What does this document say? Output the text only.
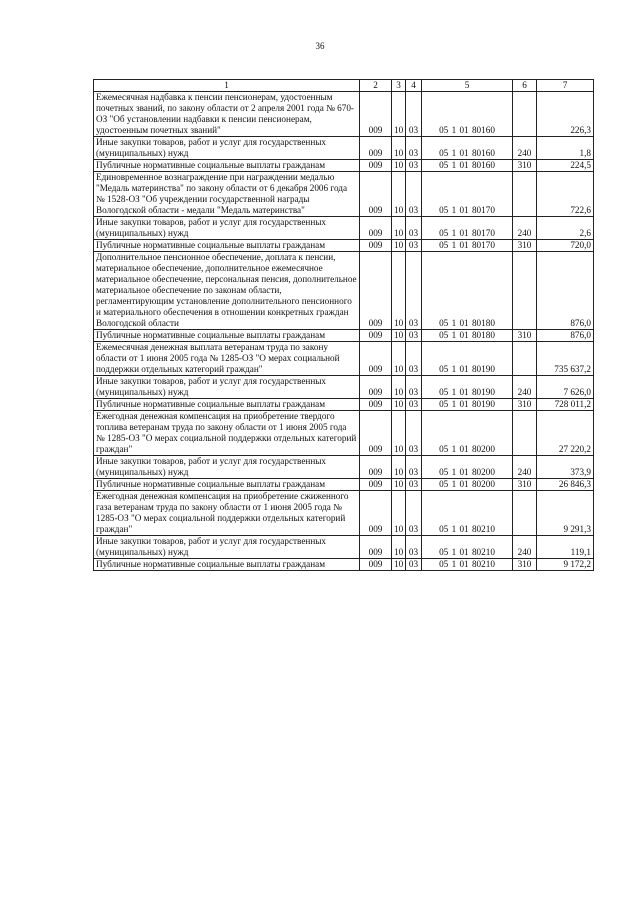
36
1	2	3	4	5	6	7
Ежемесячная надбавка к пенсии пенсионерам, удостоенным почетных званий, по закону области от 2 апреля 2001 года № 670-ОЗ "Об установлении надбавки к пенсии пенсионерам, удостоенным почетных званий"	009	10	03	05 1 01 80160		226,3
Иные закупки товаров, работ и услуг для государственных (муниципальных) нужд	009	10	03	05 1 01 80160	240	1,8
Публичные нормативные социальные выплаты гражданам	009	10	03	05 1 01 80160	310	224,5
Единовременное вознаграждение при награждении медалью "Медаль материнства" по закону области от 6 декабря 2006 года № 1528-ОЗ "Об учреждении государственной награды Вологодской области - медали "Медаль материнства"	009	10	03	05 1 01 80170		722,6
Иные закупки товаров, работ и услуг для государственных (муниципальных) нужд	009	10	03	05 1 01 80170	240	2,6
Публичные нормативные социальные выплаты гражданам	009	10	03	05 1 01 80170	310	720,0
Дополнительное пенсионное обеспечение, доплата к пенсии, материальное обеспечение, дополнительное ежемесячное материальное обеспечение, персональная пенсия, дополнительное материальное обеспечение по законам области, регламентирующим установление дополнительного пенсионного и материального обеспечения в отношении конкретных граждан Вологодской области	009	10	03	05 1 01 80180		876,0
Публичные нормативные социальные выплаты гражданам	009	10	03	05 1 01 80180	310	876,0
Ежемесячная денежная выплата ветеранам труда по закону области от 1 июня 2005 года № 1285-ОЗ "О мерах социальной поддержки отдельных категорий граждан"	009	10	03	05 1 01 80190		735 637,2
Иные закупки товаров, работ и услуг для государственных (муниципальных) нужд	009	10	03	05 1 01 80190	240	7 626,0
Публичные нормативные социальные выплаты гражданам	009	10	03	05 1 01 80190	310	728 011,2
Ежегодная денежная компенсация на приобретение твердого топлива ветеранам труда по закону области от 1 июня 2005 года № 1285-ОЗ "О мерах социальной поддержки отдельных категорий граждан"	009	10	03	05 1 01 80200		27 220,2
Иные закупки товаров, работ и услуг для государственных (муниципальных) нужд	009	10	03	05 1 01 80200	240	373,9
Публичные нормативные социальные выплаты гражданам	009	10	03	05 1 01 80200	310	26 846,3
Ежегодная денежная компенсация на приобретение сжиженного газа ветеранам труда по закону области от 1 июня 2005 года № 1285-ОЗ "О мерах социальной поддержки отдельных категорий граждан"	009	10	03	05 1 01 80210		9 291,3
Иные закупки товаров, работ и услуг для государственных (муниципальных) нужд	009	10	03	05 1 01 80210	240	119,1
Публичные нормативные социальные выплаты гражданам	009	10	03	05 1 01 80210	310	9 172,2
